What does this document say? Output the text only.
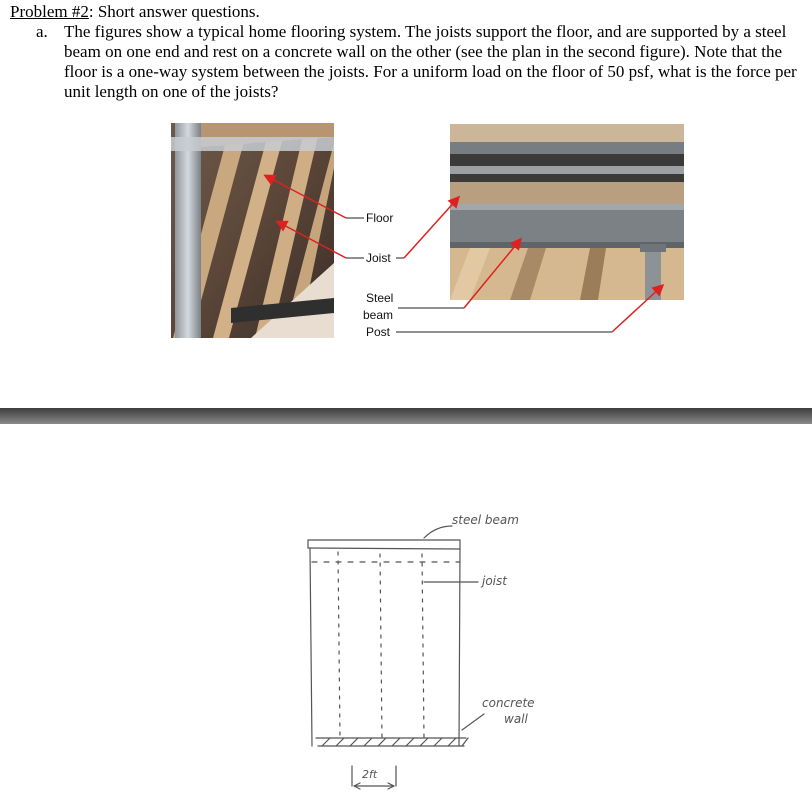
Problem #2: Short answer questions.
a. The figures show a typical home flooring system. The joists support the floor, and are supported by a steel beam on one end and rest on a concrete wall on the other (see the plan in the second figure). Note that the floor is a one-way system between the joists. For a uniform load on the floor of 50 psf, what is the force per unit length on one of the joists?
Floor
Joist
Steel
beam
Post
steel beam
joist
concrete
wall
2ft
